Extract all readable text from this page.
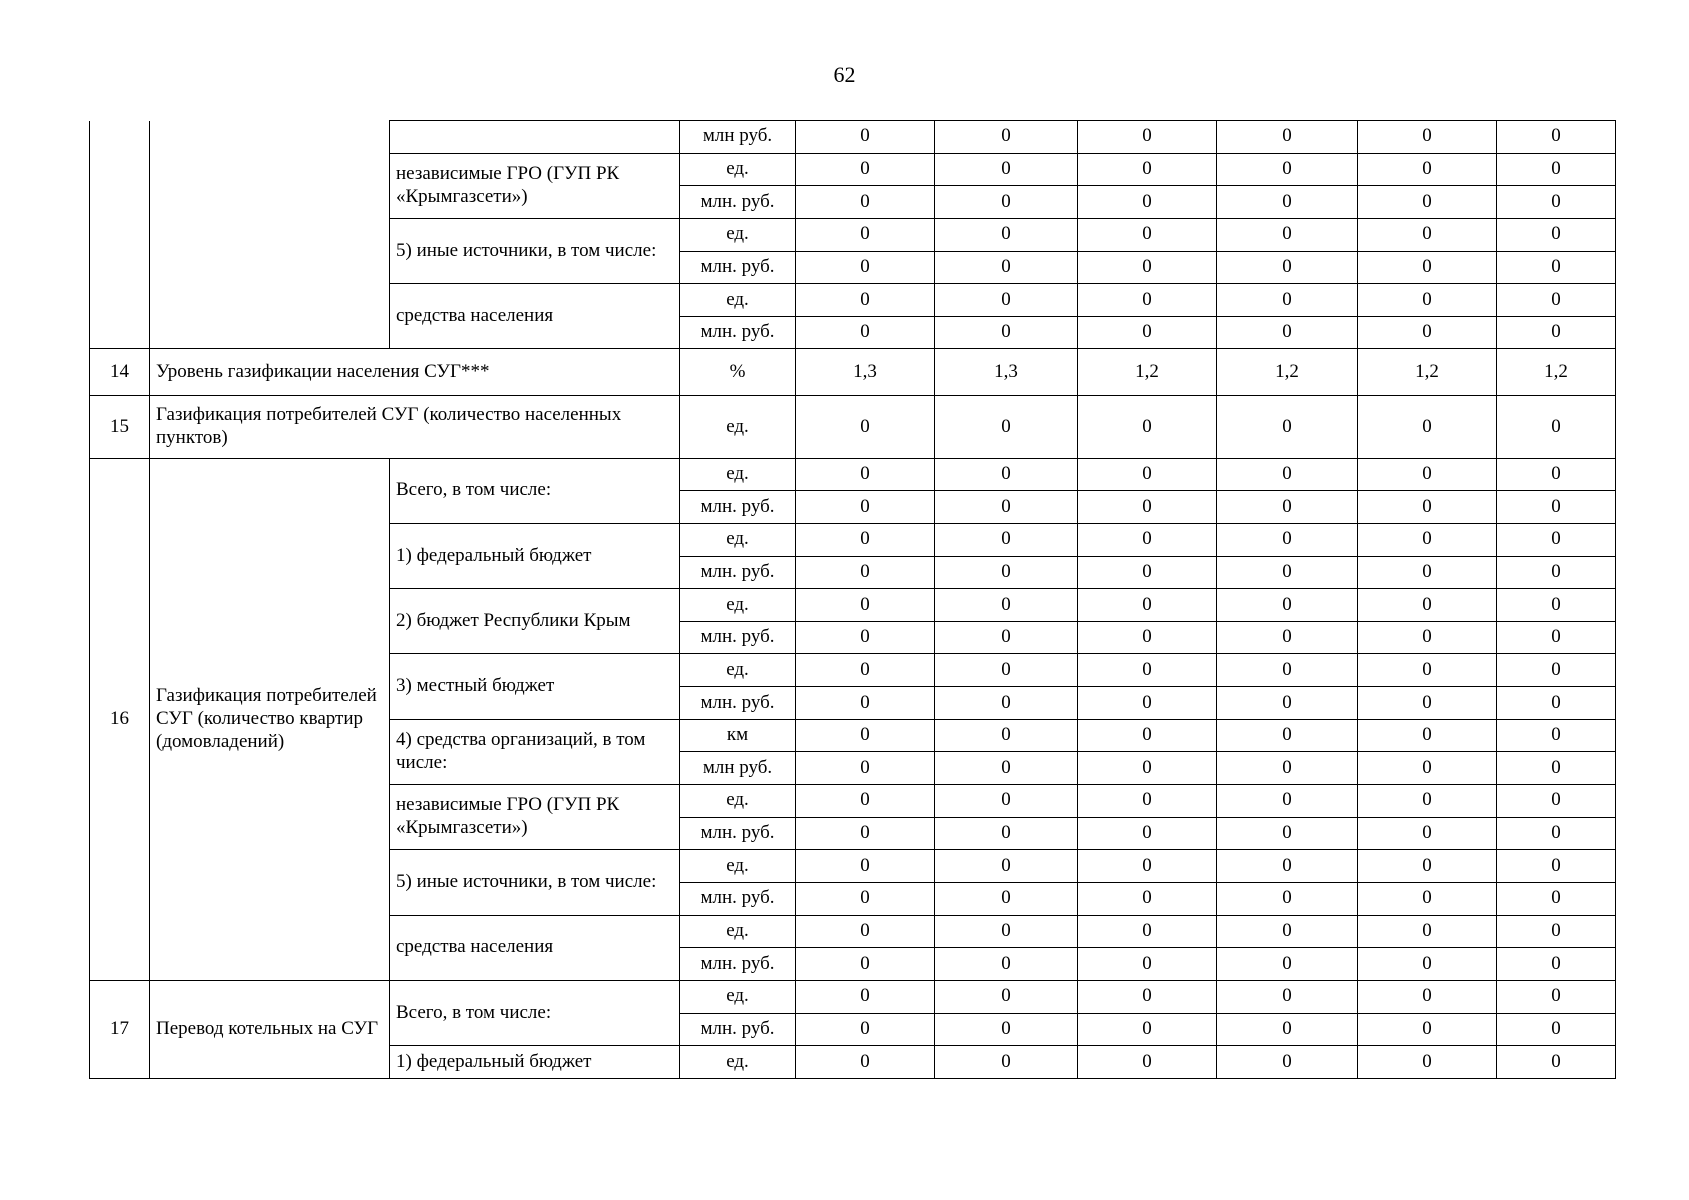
62
			млн руб.	0	0	0	0	0	0
		независимые ГРО (ГУП РК «Крымгазсети»)	ед.	0	0	0	0	0	0
			млн. руб.	0	0	0	0	0	0
		5) иные источники, в том числе:	ед.	0	0	0	0	0	0
			млн. руб.	0	0	0	0	0	0
		средства населения	ед.	0	0	0	0	0	0
			млн. руб.	0	0	0	0	0	0
14	Уровень газификации населения СУГ***		%	1,3	1,3	1,2	1,2	1,2	1,2
15	Газификация потребителей СУГ (количество населенных пунктов)		ед.	0	0	0	0	0	0
16	Газификация потребителей СУГ (количество квартир (домовладений)	Всего, в том числе:	ед.	0	0	0	0	0	0
			млн. руб.	0	0	0	0	0	0
		1) федеральный бюджет	ед.	0	0	0	0	0	0
			млн. руб.	0	0	0	0	0	0
		2) бюджет Республики Крым	ед.	0	0	0	0	0	0
			млн. руб.	0	0	0	0	0	0
		3) местный бюджет	ед.	0	0	0	0	0	0
			млн. руб.	0	0	0	0	0	0
		4) средства организаций, в том числе:	км	0	0	0	0	0	0
			млн руб.	0	0	0	0	0	0
		независимые ГРО (ГУП РК «Крымгазсети»)	ед.	0	0	0	0	0	0
			млн. руб.	0	0	0	0	0	0
		5) иные источники, в том числе:	ед.	0	0	0	0	0	0
			млн. руб.	0	0	0	0	0	0
		средства населения	ед.	0	0	0	0	0	0
			млн. руб.	0	0	0	0	0	0
17	Перевод котельных на СУГ	Всего, в том числе:	ед.	0	0	0	0	0	0
			млн. руб.	0	0	0	0	0	0
		1) федеральный бюджет	ед.	0	0	0	0	0	0
